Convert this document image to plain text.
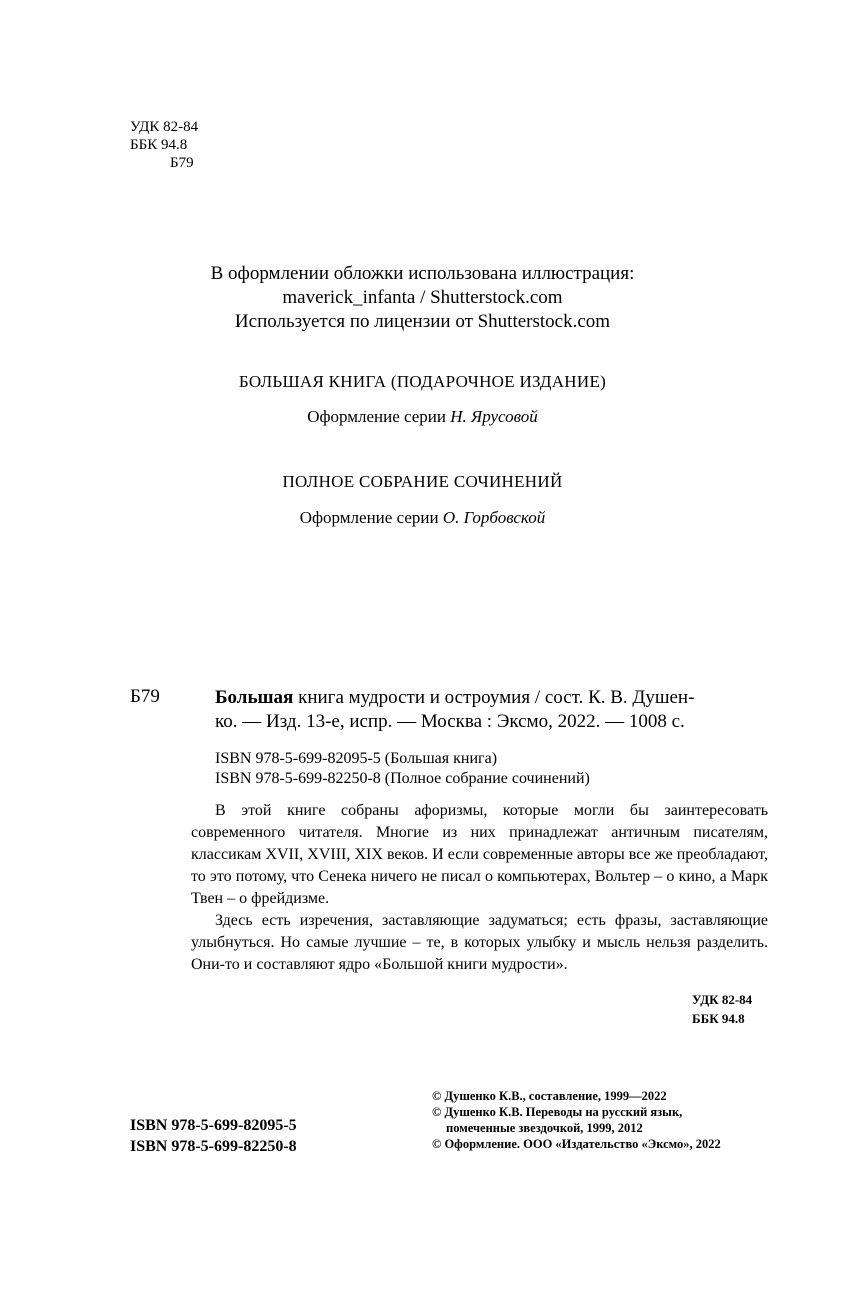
УДК 82-84
ББК 94.8
Б79
В оформлении обложки использована иллюстрация:
maverick_infanta / Shutterstock.com
Используется по лицензии от Shutterstock.com
БОЛЬШАЯ КНИГА (ПОДАРОЧНОЕ ИЗДАНИЕ)
Оформление серии Н. Ярусовой
ПОЛНОЕ СОБРАНИЕ СОЧИНЕНИЙ
Оформление серии О. Горбовской
Б79	Большая книга мудрости и остроумия / сост. К. В. Душен-
ко. — Изд. 13-е, испр. — Москва : Эксмо, 2022. — 1008 с.
ISBN 978-5-699-82095-5 (Большая книга)
ISBN 978-5-699-82250-8 (Полное собрание сочинений)

В этой книге собраны афоризмы, которые могли бы заинтересовать современного читателя. Многие из них принадлежат античным писателям, классикам XVII, XVIII, XIX веков. И если современные авторы все же преобладают, то это потому, что Сенека ничего не писал о компьютерах, Вольтер – о кино, а Марк Твен – о фрейдизме.

Здесь есть изречения, заставляющие задуматься; есть фразы, заставляющие улыбнуться. Но самые лучшие – те, в которых улыбку и мысль нельзя разделить. Они-то и составляют ядро «Большой книги мудрости».

УДК 82-84
ББК 94.8
ISBN 978-5-699-82095-5
ISBN 978-5-699-82250-8
© Душенко К.В., составление, 1999—2022
© Душенко К.В. Переводы на русский язык,
помеченные звездочкой, 1999, 2012
© Оформление. ООО «Издательство «Эксмо», 2022
